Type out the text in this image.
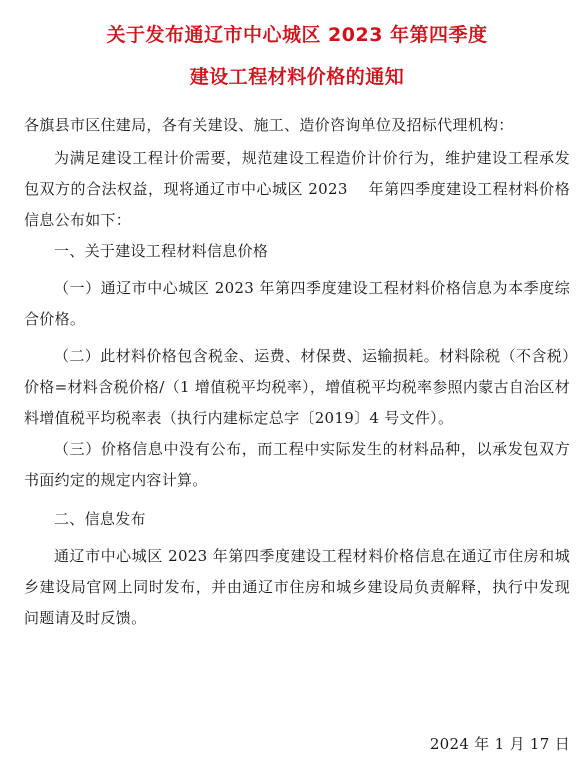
关于发布通辽市中心城区 2023 年第四季度
建设工程材料价格的通知

各旗县市区住建局，各有关建设、施工、造价咨询单位及招标代理机构：

为满足建设工程计价需要，规范建设工程造价计价行为，维护建设工程承发包双方的合法权益，现将通辽市中心城区 2023　 年第四季度建设工程材料价格信息公布如下：

一、关于建设工程材料信息价格

（一）通辽市中心城区 2023 年第四季度建设工程材料价格信息为本季度综合价格。

（二）此材料价格包含税金、运费、材保费、运输损耗。材料除税（不含税）价格=材料含税价格/（1 增值税平均税率），增值税平均税率参照内蒙古自治区材料增值税平均税率表（执行内建标定总字〔2019〕4 号文件）。

（三）价格信息中没有公布，而工程中实际发生的材料品种，以承发包双方书面约定的规定内容计算。

二、信息发布

通辽市中心城区 2023 年第四季度建设工程材料价格信息在通辽市住房和城乡建设局官网上同时发布，并由通辽市住房和城乡建设局负责解释，执行中发现问题请及时反馈。

2024 年 1 月 17 日
